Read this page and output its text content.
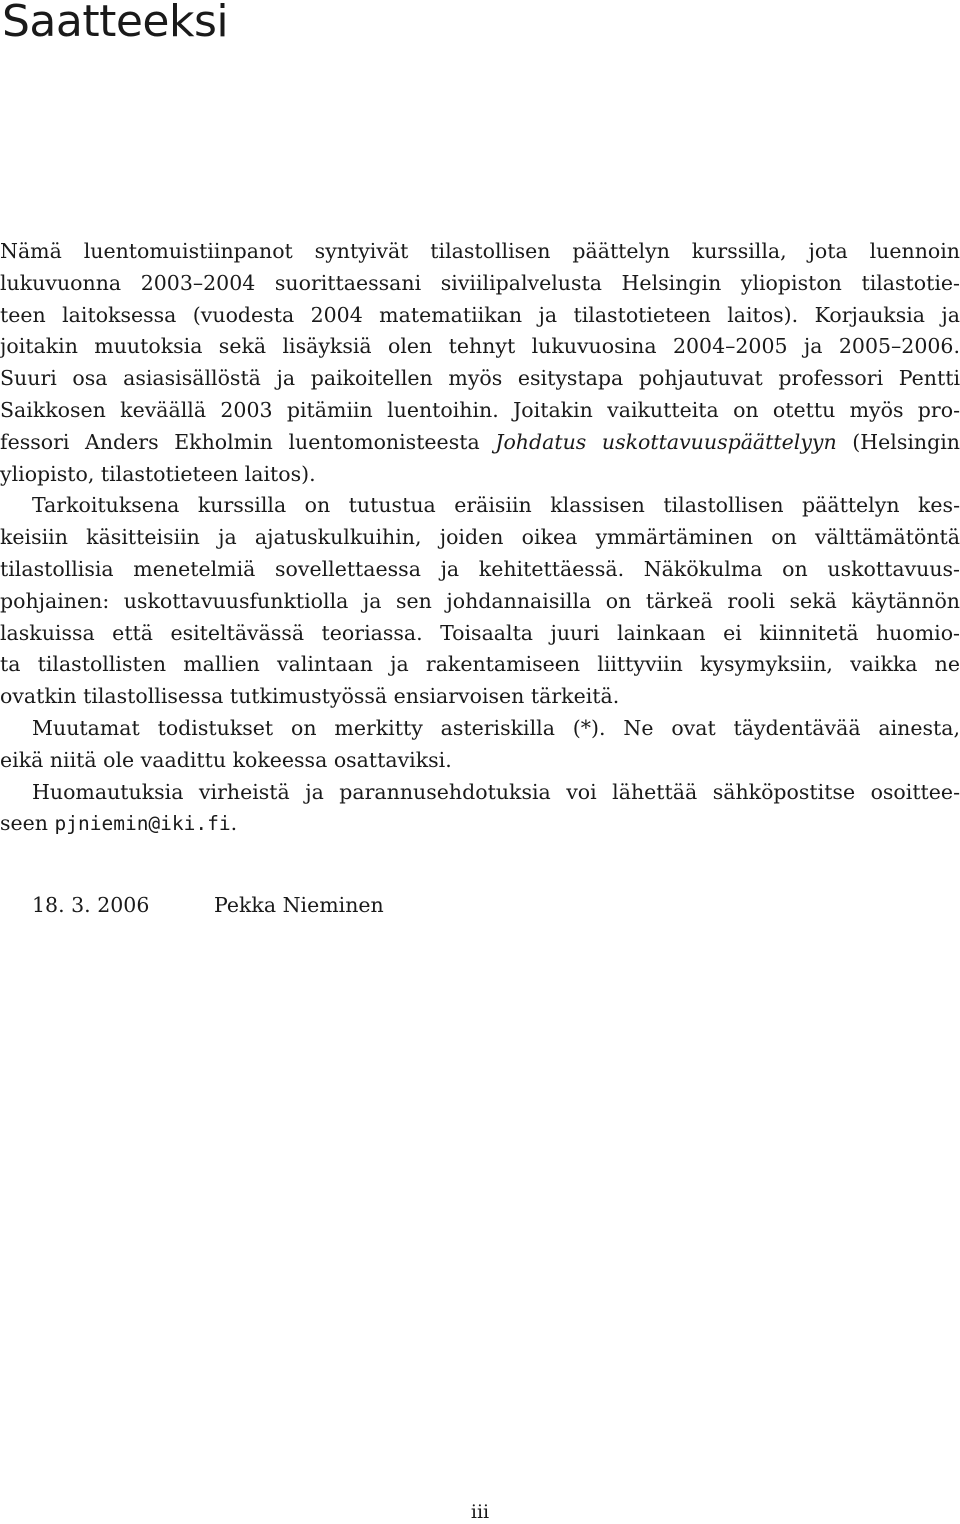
Saatteeksi
Nämä luentomuistiinpanot syntyivät tilastollisen päättelyn kurssilla, jota luennoin
lukuvuonna 2003–2004 suorittaessani siviilipalvelusta Helsingin yliopiston tilastotie-
teen laitoksessa (vuodesta 2004 matematiikan ja tilastotieteen laitos). Korjauksia ja
joitakin muutoksia sekä lisäyksiä olen tehnyt lukuvuosina 2004–2005 ja 2005–2006.
Suuri osa asiasisällöstä ja paikoitellen myös esitystapa pohjautuvat professori Pentti
Saikkosen keväällä 2003 pitämiin luentoihin. Joitakin vaikutteita on otettu myös pro-
fessori Anders Ekholmin luentomonisteesta Johdatus uskottavuuspäättelyyn (Helsingin
yliopisto, tilastotieteen laitos).
Tarkoituksena kurssilla on tutustua eräisiin klassisen tilastollisen päättelyn kes-
keisiin käsitteisiin ja ajatuskulkuihin, joiden oikea ymmärtäminen on välttämätöntä
tilastollisia menetelmiä sovellettaessa ja kehitettäessä. Näkökulma on uskottavuus-
pohjainen: uskottavuusfunktiolla ja sen johdannaisilla on tärkeä rooli sekä käytännön
laskuissa että esiteltävässä teoriassa. Toisaalta juuri lainkaan ei kiinnitetä huomio-
ta tilastollisten mallien valintaan ja rakentamiseen liittyviin kysymyksiin, vaikka ne
ovatkin tilastollisessa tutkimustyössä ensiarvoisen tärkeitä.
Muutamat todistukset on merkitty asteriskilla (*). Ne ovat täydentävää ainesta,
eikä niitä ole vaadittu kokeessa osattaviksi.
Huomautuksia virheistä ja parannusehdotuksia voi lähettää sähköpostitse osoittee-
seen pjniemin@iki.fi.
18. 3. 2006	Pekka Nieminen
iii
